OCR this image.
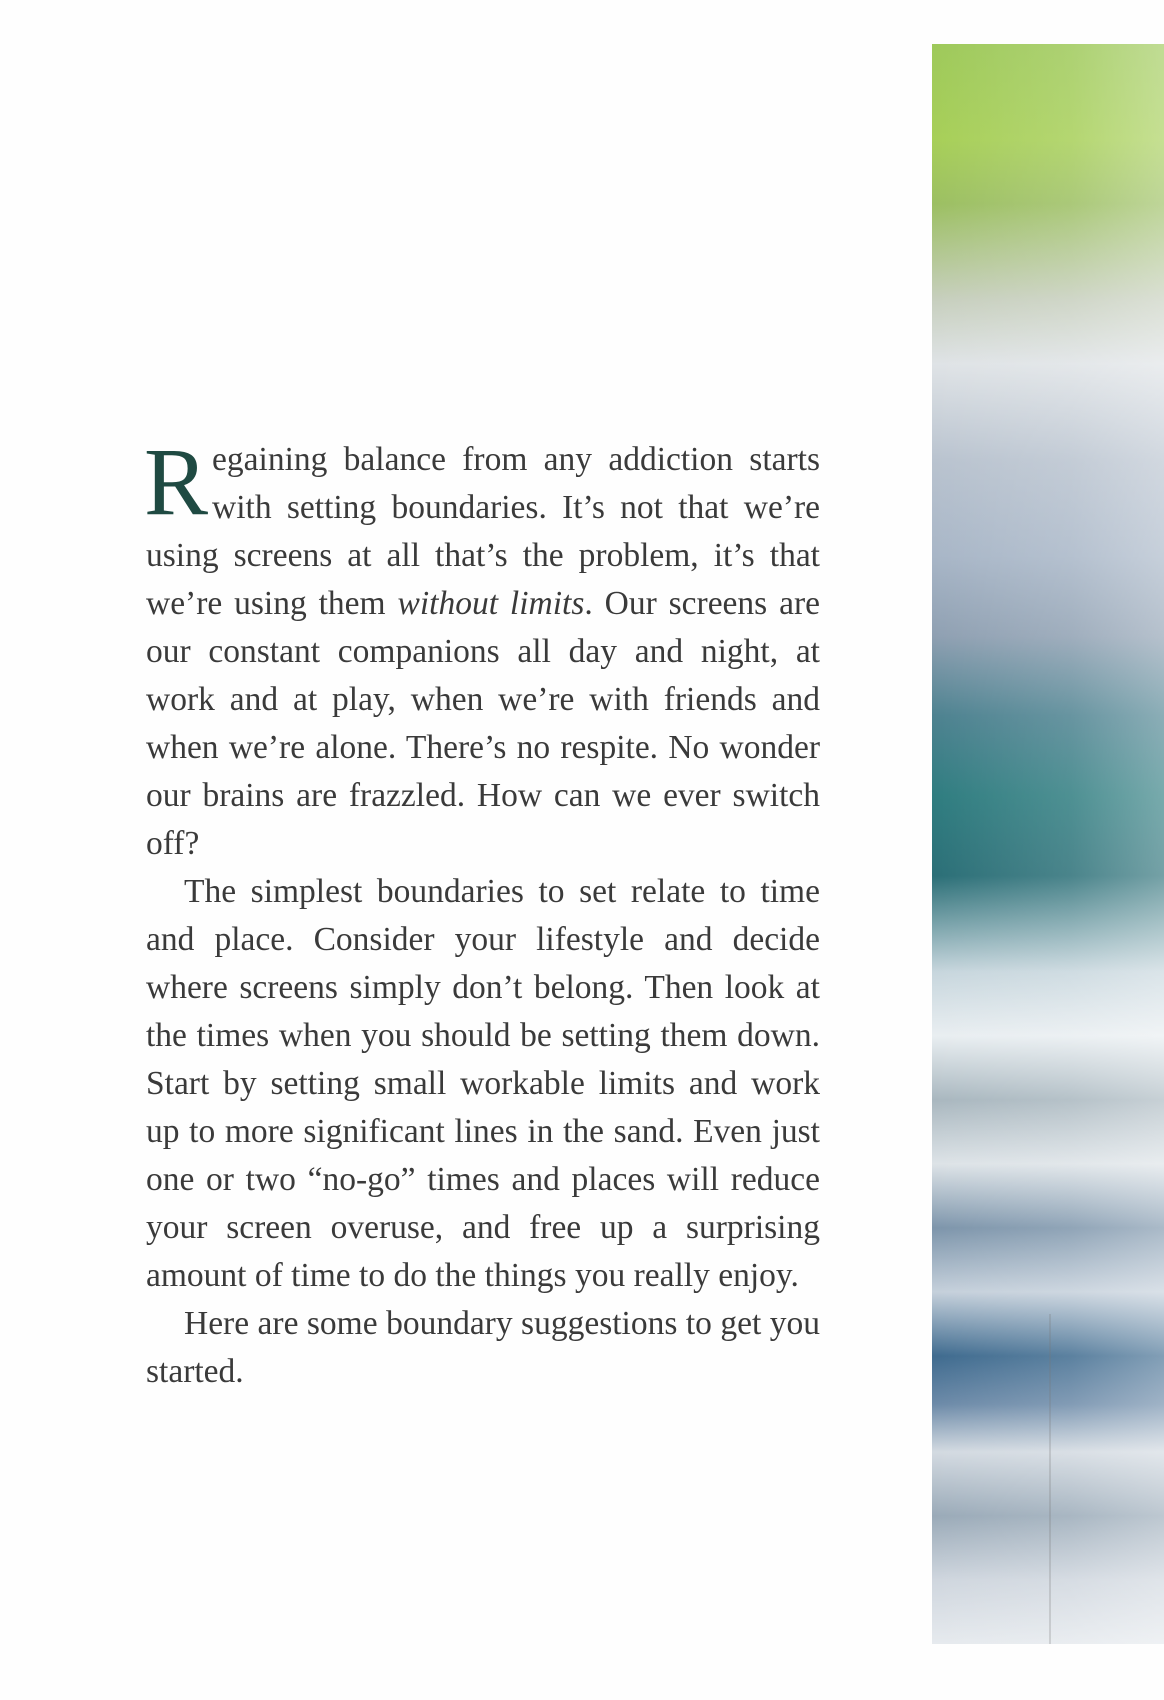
Regaining balance from any addiction starts with setting boundaries. It’s not that we’re using screens at all that’s the problem, it’s that we’re using them without limits. Our screens are our constant companions all day and night, at work and at play, when we’re with friends and when we’re alone. There’s no respite. No wonder our brains are frazzled. How can we ever switch off?

The simplest boundaries to set relate to time and place. Consider your lifestyle and decide where screens simply don’t belong. Then look at the times when you should be setting them down. Start by setting small workable limits and work up to more significant lines in the sand. Even just one or two “no-go” times and places will reduce your screen overuse, and free up a surprising amount of time to do the things you really enjoy.

Here are some boundary suggestions to get you started.
